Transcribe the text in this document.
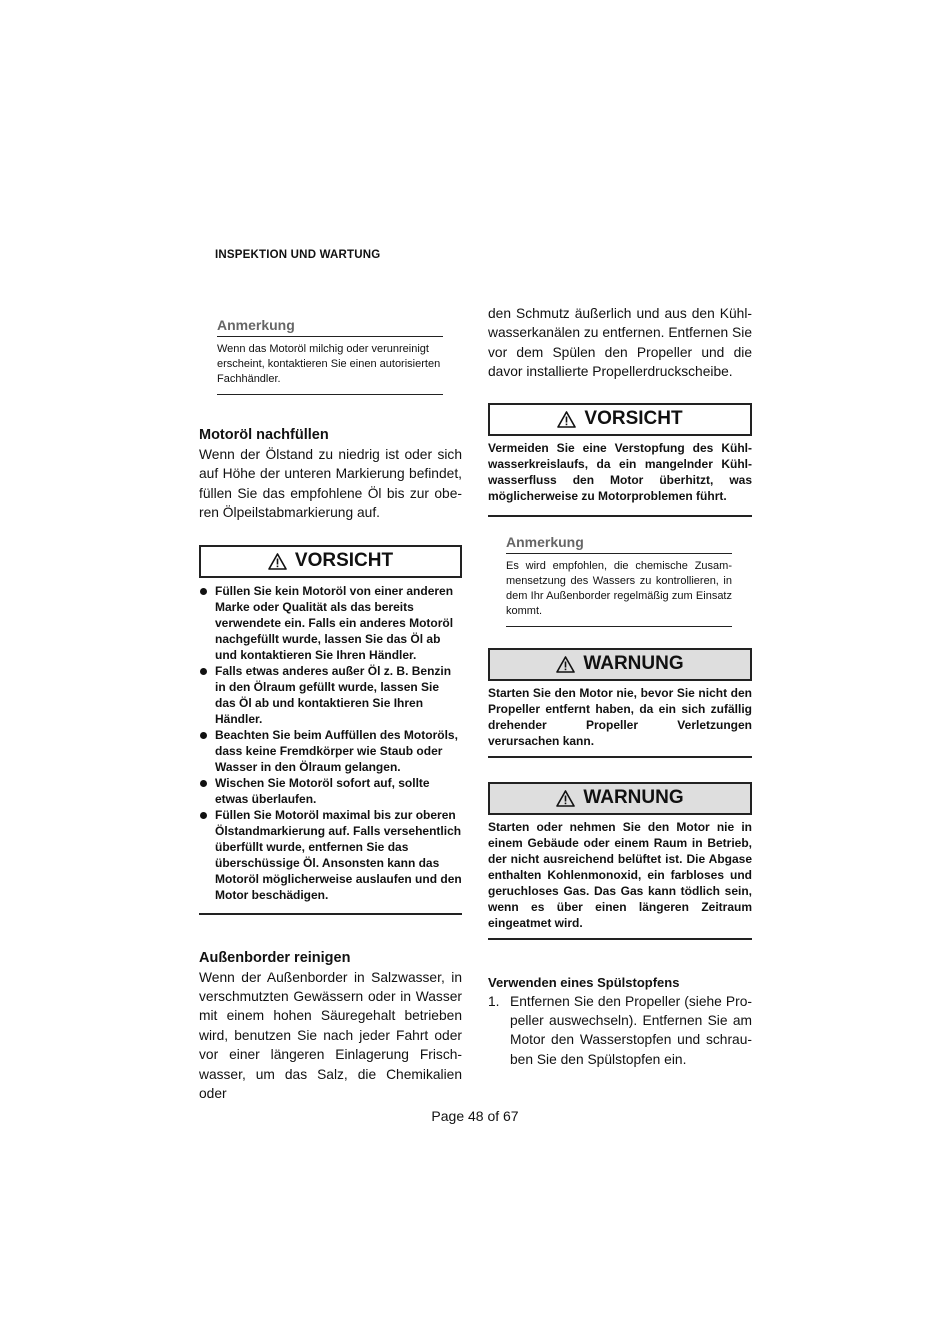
INSPEKTION UND WARTUNG
Anmerkung
Wenn das Motoröl milchig oder verunreinigt erscheint, kontaktieren Sie einen autorisierten Fachhändler.
Motoröl nachfüllen

Wenn der Ölstand zu niedrig ist oder sich auf Höhe der unteren Markierung befindet, füllen Sie das empfohlene Öl bis zur oberen Ölpeilstabmarkierung auf.

VORSICHT
Füllen Sie kein Motoröl von einer anderen Marke oder Qualität als das bereits verwendete ein. Falls ein anderes Motoröl nachgefüllt wurde, lassen Sie das Öl ab und kontaktieren Sie Ihren Händler.
Falls etwas anderes außer Öl z. B. Benzin in den Ölraum gefüllt wurde, lassen Sie das Öl ab und kontaktieren Sie Ihren Händler.
Beachten Sie beim Auffüllen des Motoröls, dass keine Fremdkörper wie Staub oder Wasser in den Ölraum gelangen.
Wischen Sie Motoröl sofort auf, sollte etwas überlaufen.
Füllen Sie Motoröl maximal bis zur oberen Ölstandmarkierung auf. Falls versehentlich überfüllt wurde, entfernen Sie das überschüssige Öl. Ansonsten kann das Motoröl möglicherweise auslaufen und den Motor beschädigen.
Außenborder reinigen

Wenn der Außenborder in Salzwasser, in verschmutzten Gewässern oder in Wasser mit einem hohen Säuregehalt betrieben wird, benutzen Sie nach jeder Fahrt oder vor einer längeren Einlagerung Frischwasser, um das Salz, die Chemikalien oder

den Schmutz äußerlich und aus den Kühlwasserkanälen zu entfernen. Entfernen Sie vor dem Spülen den Propeller und die davor installierte Propellerdruckscheibe.

VORSICHT
Vermeiden Sie eine Verstopfung des Kühlwasserkreislaufs, da ein mangelnder Kühlwasserfluss den Motor überhitzt, was möglicherweise zu Motorproblemen führt.
Anmerkung
Es wird empfohlen, die chemische Zusammensetzung des Wassers zu kontrollieren, in dem Ihr Außenborder regelmäßig zum Einsatz kommt.
WARNUNG
Starten Sie den Motor nie, bevor Sie nicht den Propeller entfernt haben, da ein sich zufällig drehender Propeller Verletzungen verursachen kann.
WARNUNG
Starten oder nehmen Sie den Motor nie in einem Gebäude oder einem Raum in Betrieb, der nicht ausreichend belüftet ist. Die Abgase enthalten Kohlenmonoxid, ein farbloses und geruchloses Gas. Das Gas kann tödlich sein, wenn es über einen längeren Zeitraum eingeatmet wird.
Verwenden eines Spülstopfens
1. Entfernen Sie den Propeller (siehe Propeller auswechseln). Entfernen Sie am Motor den Wasserstopfen und schrauben Sie den Spülstopfen ein.
Page 48 of 67
